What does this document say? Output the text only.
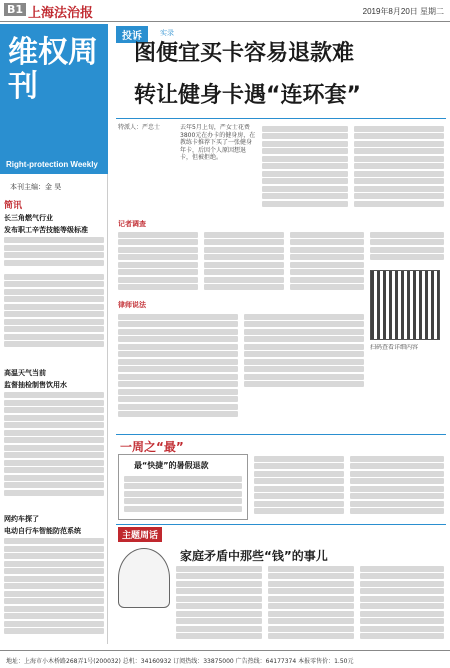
B1 上海法治报	2019年8月20日 星期二
维权周刊
Right-protection Weekly
本刊主编：金 昊
简讯
长三角燃气行业
发布职工辛苦技能等级标准
高温天气当前
监督抽检制售饮用水
网约车探了
电动自行车智能防范系统
投诉	实录
图便宜买卡容易退款难
转让健身卡遇“连环套”
特派人：严忠士	去年5月上旬，严女士花费3800元在办卡的健身房，在教练卡推荐下买了一张健身年卡，后因个人原因想退卡，但被拒绝。
记者调查
律师说法
扫码查看详细内容
一周之“最”
最“快捷”的暑假退款
主题周话
家庭矛盾中那些“钱”的事儿
地址：上海市小木桥路268弄1号(200032) 总机：34160932 订阅热线：33875000 广告热线：64177374 本报零售价：1.50元
